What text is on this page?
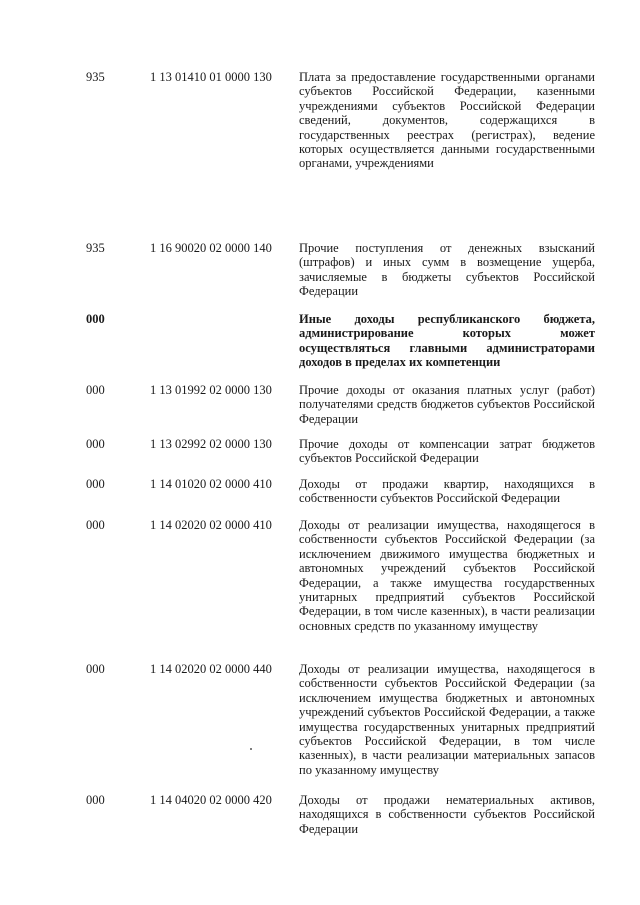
935	1 13 01410 01 0000 130 Плата за предоставление государственными органами субъектов Российской Федерации, казенными учреждениями субъектов Российской Федерации сведений, документов, содержащихся в государственных реестрах (регистрах), ведение которых осуществляется данными государственными органами, учреждениями
935	1 16 90020 02 0000 140 Прочие поступления от денежных взысканий (штрафов) и иных сумм в возмещение ущерба, зачисляемые в бюджеты субъектов Российской Федерации
000	Иные доходы республиканского бюджета, администрирование которых может осуществляться главными администраторами доходов в пределах их компетенции
000	1 13 01992 02 0000 130 Прочие доходы от оказания платных услуг (работ) получателями средств бюджетов субъектов Российской Федерации
000	1 13 02992 02 0000 130 Прочие доходы от компенсации затрат бюджетов субъектов Российской Федерации
000	1 14 01020 02 0000 410 Доходы от продажи квартир, находящихся в собственности субъектов Российской Федерации
000	1 14 02020 02 0000 410 Доходы от реализации имущества, находящегося в собственности субъектов Российской Федерации (за исключением движимого имущества бюджетных и автономных учреждений субъектов Российской Федерации, а также имущества государственных унитарных предприятий субъектов Российской Федерации, в том числе казенных), в части реализации основных средств по указанному имуществу
000	1 14 02020 02 0000 440 Доходы от реализации имущества, находящегося в собственности субъектов Российской Федерации (за исключением имущества бюджетных и автономных учреждений субъектов Российской Федерации, а также имущества государственных унитарных предприятий субъектов Российской Федерации, в том числе казенных), в части реализации материальных запасов по указанному имуществу
000	1 14 04020 02 0000 420 Доходы от продажи нематериальных активов, находящихся в собственности субъектов Российской Федерации
